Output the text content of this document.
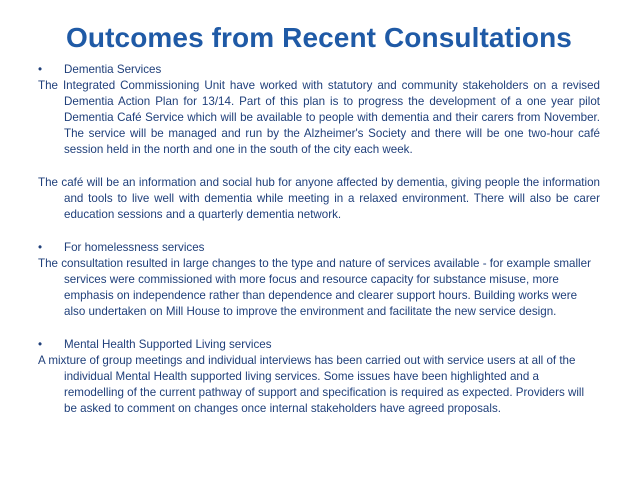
Outcomes from Recent Consultations

• Dementia Services

The Integrated Commissioning Unit have worked with statutory and community stakeholders on a revised Dementia Action Plan for 13/14. Part of this plan is to progress the development of a one year pilot Dementia Café Service which will be available to people with dementia and their carers from November. The service will be managed and run by the Alzheimer's Society and there will be one two-hour café session held in the north and one in the south of the city each week.

The café will be an information and social hub for anyone affected by dementia, giving people the information and tools to live well with dementia while meeting in a relaxed environment. There will also be carer education sessions and a quarterly dementia network.

• For homelessness services

The consultation resulted in large changes to the type and nature of services available - for example smaller services were commissioned with more focus and resource capacity for substance misuse, more emphasis on independence rather than dependence and clearer support hours. Building works were also undertaken on Mill House to improve the environment and facilitate the new service design.

• Mental Health Supported Living services

A mixture of group meetings and individual interviews has been carried out with service users at all of the individual Mental Health supported living services. Some issues have been highlighted and a remodelling of the current pathway of support and specification is required as expected. Providers will be asked to comment on changes once internal stakeholders have agreed proposals.
